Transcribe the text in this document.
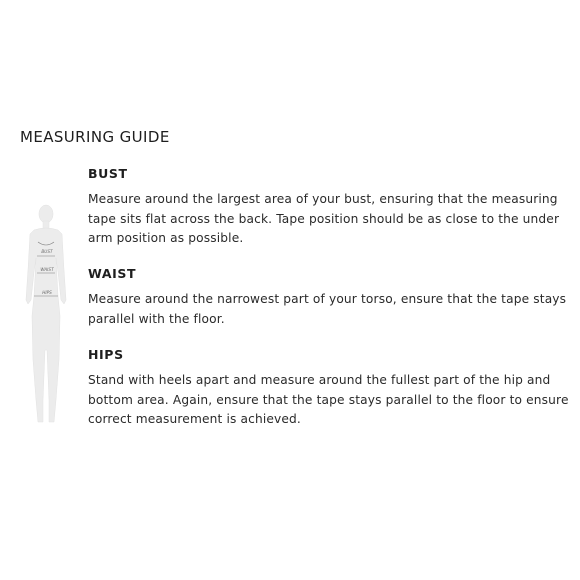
MEASURING GUIDE
BUST
WAIST
HIPS
BUST

Measure around the largest area of your bust, ensuring that the measuring
tape sits flat across the back. Tape position should be as close to the under
arm position as possible.

WAIST

Measure around the narrowest part of your torso, ensure that the tape stays
parallel with the floor.

HIPS

Stand with heels apart and measure around the fullest part of the hip and
bottom area. Again, ensure that the tape stays parallel to the floor to ensure
correct measurement is achieved.
